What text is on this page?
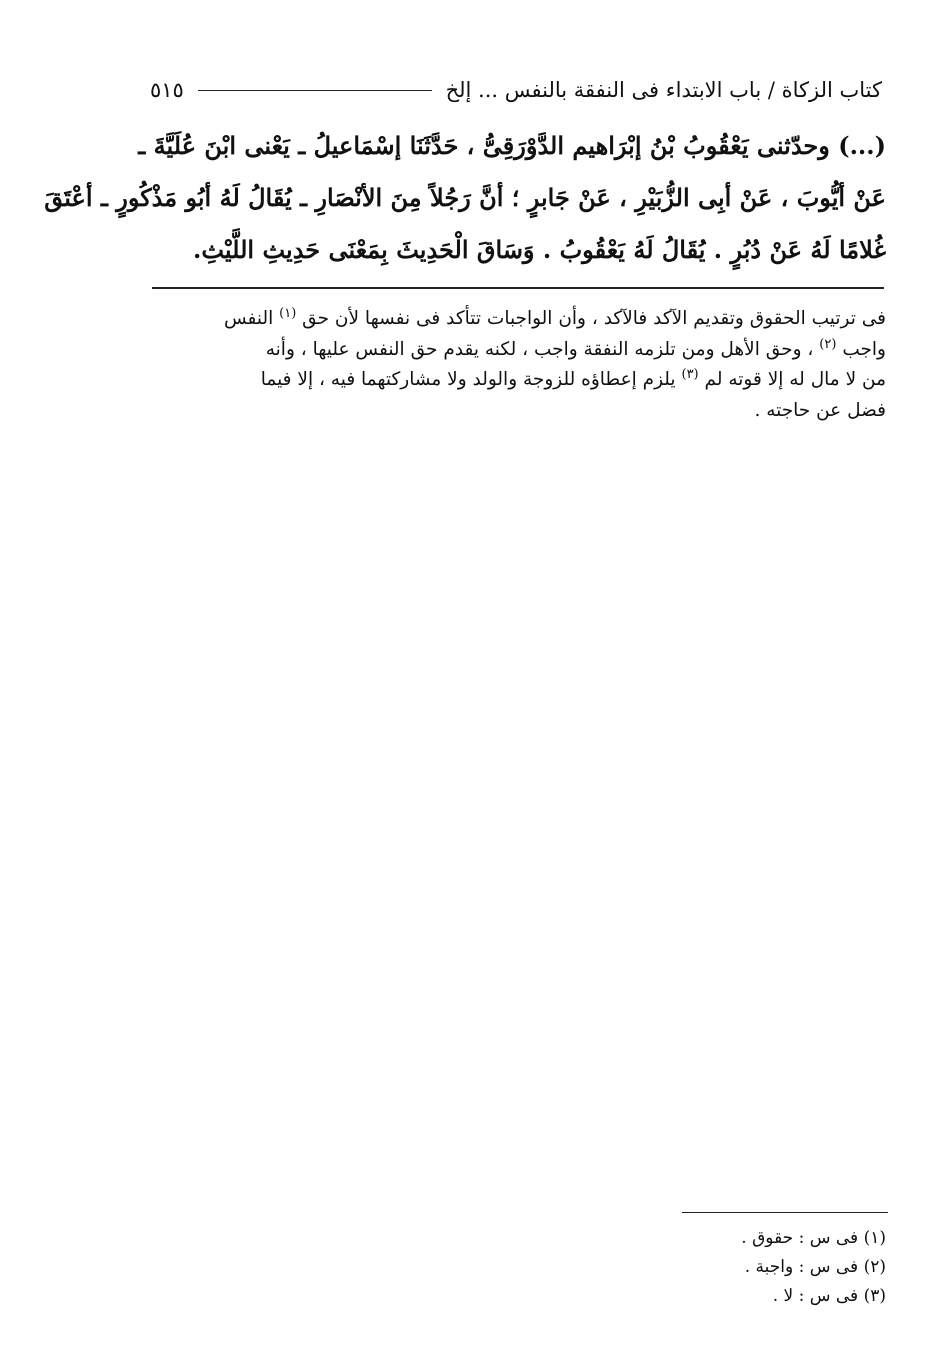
كتاب الزكاة / باب الابتداء فى النفقة بالنفس ... إلخ
٥١٥
(...) وحدّثنى يَعْقُوبُ بْنُ إبْرَاهيم الدَّوْرَقِىُّ ، حَدَّثَنَا إسْمَاعيلُ ـ يَعْنى ابْنَ عُلَيَّةَ ـ
عَنْ أيُّوبَ ، عَنْ أبِى الزُّبَيْرِ ، عَنْ جَابرٍ ؛ أنَّ رَجُلاً مِنَ الأنْصَارِ ـ يُقَالُ لَهُ أبُو مَذْكُورٍ ـ أعْتَقَ
غُلامًا لَهُ عَنْ دُبُرٍ . يُقَالُ لَهُ يَعْقُوبُ . وَسَاقَ الْحَدِيثَ بِمَعْنَى حَدِيثِ اللَّيْثِ.
فى ترتيب الحقوق وتقديم الآكد فالآكد ، وأن الواجبات تتأكد فى نفسها لأن حق $^{(١)}$ النفس
واجب $^{(٢)}$ ، وحق الأهل ومن تلزمه النفقة واجب ، لكنه يقدم حق النفس عليها ، وأنه
من لا مال له إلا قوته لم $^{(٣)}$ يلزم إعطاؤه للزوجة والولد ولا مشاركتهما فيه ، إلا فيما
فضل عن حاجته .
(١) فى س : حقوق .
(٢) فى س : واجبة .
(٣) فى س : لا .
